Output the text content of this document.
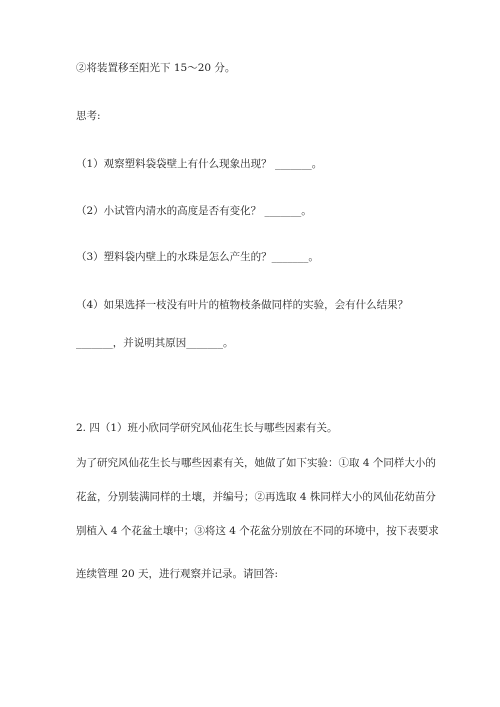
②将装置移至阳光下 15～20 分。
思考:
（1）观察塑料袋袋壁上有什么现象出现？ _______。
（2）小试管内清水的高度是否有变化？ _______。
（3）塑料袋内壁上的水珠是怎么产生的？_______。
（4）如果选择一枝没有叶片的植物枝条做同样的实验，会有什么结果？
_______，并说明其原因_______。
2. 四（1）班小欣同学研究风仙花生长与哪些因素有关。
为了研究风仙花生长与哪些因素有关，她做了如下实验：①取 4 个同样大小的
花盆，分别装满同样的土壤，并编号；②再选取 4 株同样大小的风仙花幼苗分
别植入 4 个花盆土壤中；③将这 4 个花盆分别放在不同的环境中，按下表要求
连续管理 20 天，进行观察并记录。请回答:
